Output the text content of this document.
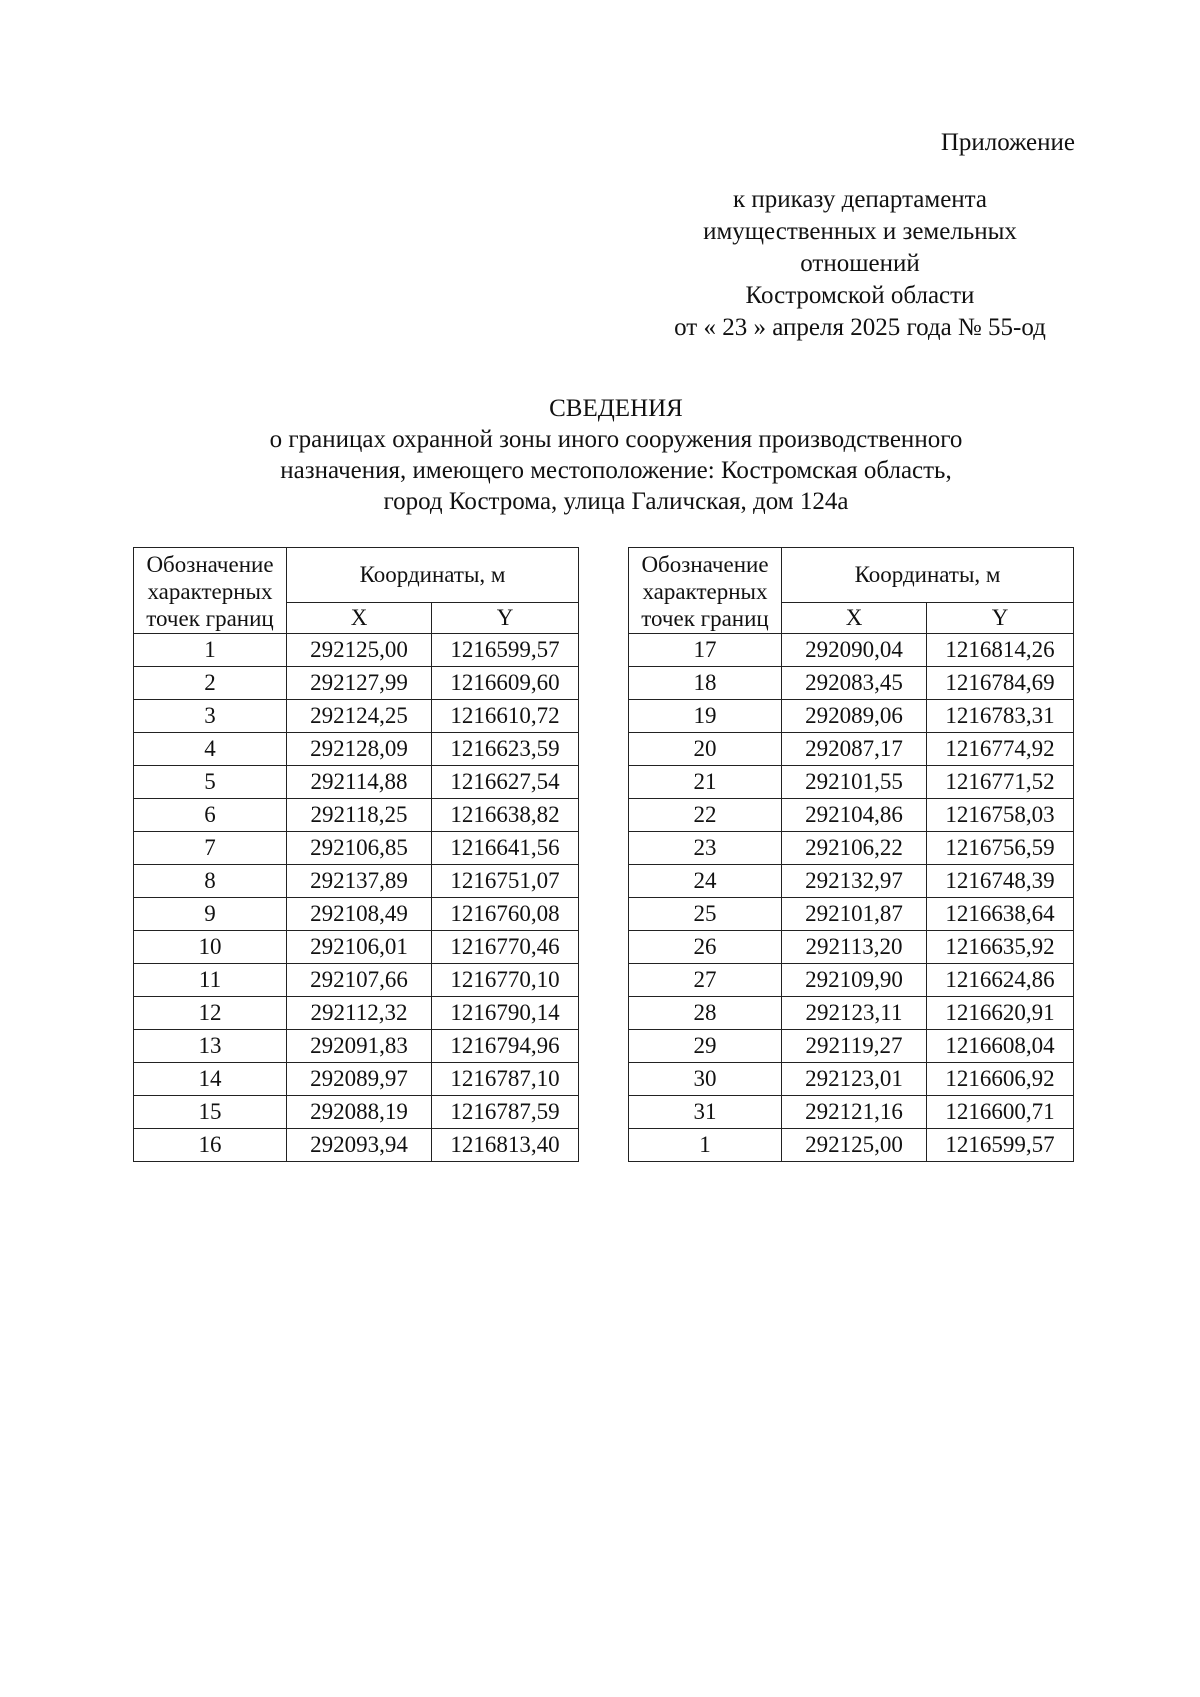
Приложение
к приказу департамента
имущественных и земельных
отношений
Костромской области
от « 23 » апреля 2025 года № 55-од
СВЕДЕНИЯ
о границах охранной зоны иного сооружения производственного
назначения, имеющего местоположение: Костромская область,
город Кострома, улица Галичская, дом 124а
Обозначение
характерных
точек границ	Координаты, м	
	X	Y
1	292125,00	1216599,57
2	292127,99	1216609,60
3	292124,25	1216610,72
4	292128,09	1216623,59
5	292114,88	1216627,54
6	292118,25	1216638,82
7	292106,85	1216641,56
8	292137,89	1216751,07
9	292108,49	1216760,08
10	292106,01	1216770,46
11	292107,66	1216770,10
12	292112,32	1216790,14
13	292091,83	1216794,96
14	292089,97	1216787,10
15	292088,19	1216787,59
16	292093,94	1216813,40
Обозначение
характерных
точек границ	Координаты, м	
	X	Y
17	292090,04	1216814,26
18	292083,45	1216784,69
19	292089,06	1216783,31
20	292087,17	1216774,92
21	292101,55	1216771,52
22	292104,86	1216758,03
23	292106,22	1216756,59
24	292132,97	1216748,39
25	292101,87	1216638,64
26	292113,20	1216635,92
27	292109,90	1216624,86
28	292123,11	1216620,91
29	292119,27	1216608,04
30	292123,01	1216606,92
31	292121,16	1216600,71
1	292125,00	1216599,57
